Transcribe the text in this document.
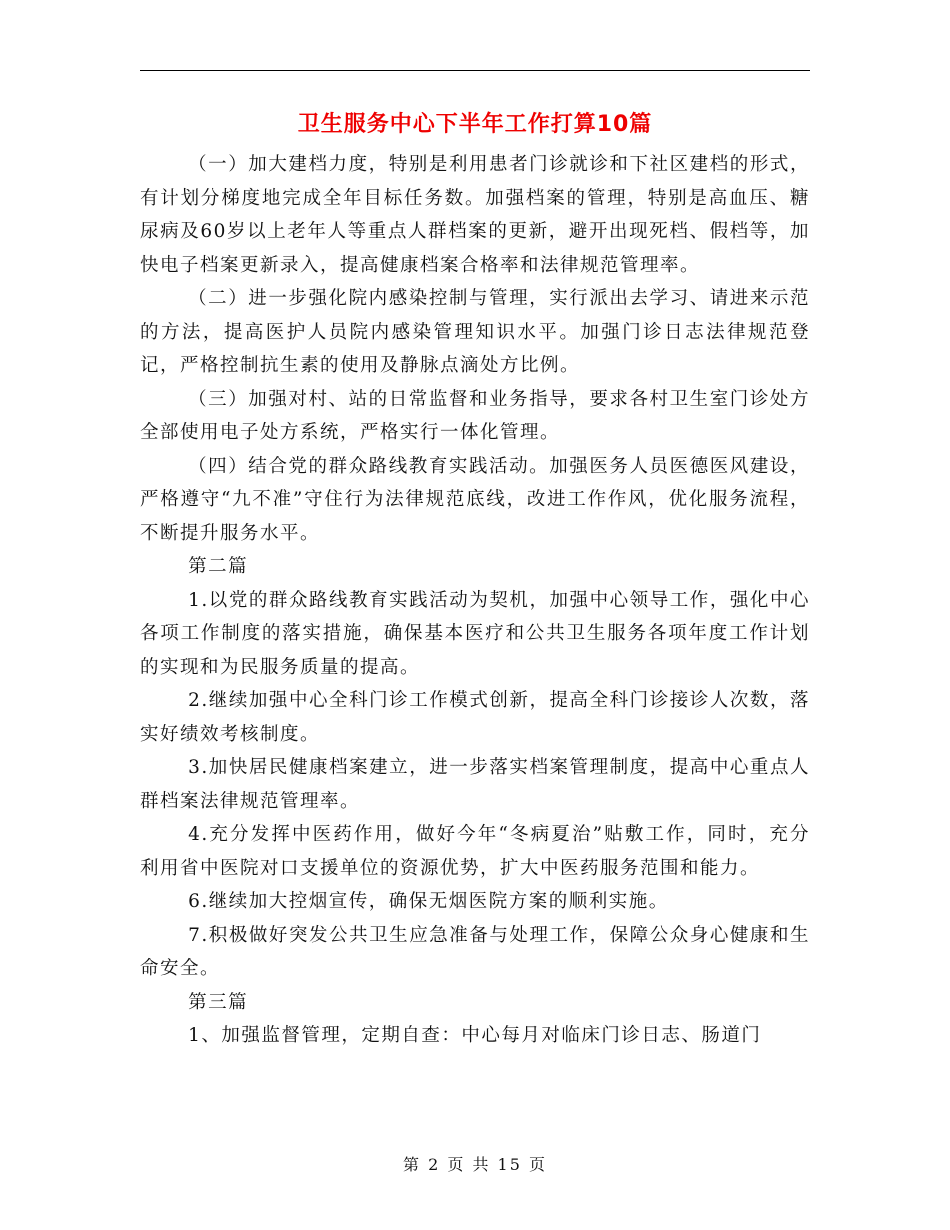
卫生服务中心下半年工作打算10篇

（一）加大建档力度，特别是利用患者门诊就诊和下社区建档的形式，有计划分梯度地完成全年目标任务数。加强档案的管理，特别是高血压、糖尿病及60岁以上老年人等重点人群档案的更新，避开出现死档、假档等，加快电子档案更新录入，提高健康档案合格率和法律规范管理率。

（二）进一步强化院内感染控制与管理，实行派出去学习、请进来示范的方法，提高医护人员院内感染管理知识水平。加强门诊日志法律规范登记，严格控制抗生素的使用及静脉点滴处方比例。

（三）加强对村、站的日常监督和业务指导，要求各村卫生室门诊处方全部使用电子处方系统，严格实行一体化管理。

（四）结合党的群众路线教育实践活动。加强医务人员医德医风建设，严格遵守“九不准”守住行为法律规范底线，改进工作作风，优化服务流程，不断提升服务水平。

第二篇

1.以党的群众路线教育实践活动为契机，加强中心领导工作，强化中心各项工作制度的落实措施，确保基本医疗和公共卫生服务各项年度工作计划的实现和为民服务质量的提高。

2.继续加强中心全科门诊工作模式创新，提高全科门诊接诊人次数，落实好绩效考核制度。

3.加快居民健康档案建立，进一步落实档案管理制度，提高中心重点人群档案法律规范管理率。

4.充分发挥中医药作用，做好今年“冬病夏治”贴敷工作，同时，充分利用省中医院对口支援单位的资源优势，扩大中医药服务范围和能力。

6.继续加大控烟宣传，确保无烟医院方案的顺利实施。

7.积极做好突发公共卫生应急准备与处理工作，保障公众身心健康和生命安全。

第三篇

1、加强监督管理，定期自查：中心每月对临床门诊日志、肠道门

第 2 页 共 15 页
